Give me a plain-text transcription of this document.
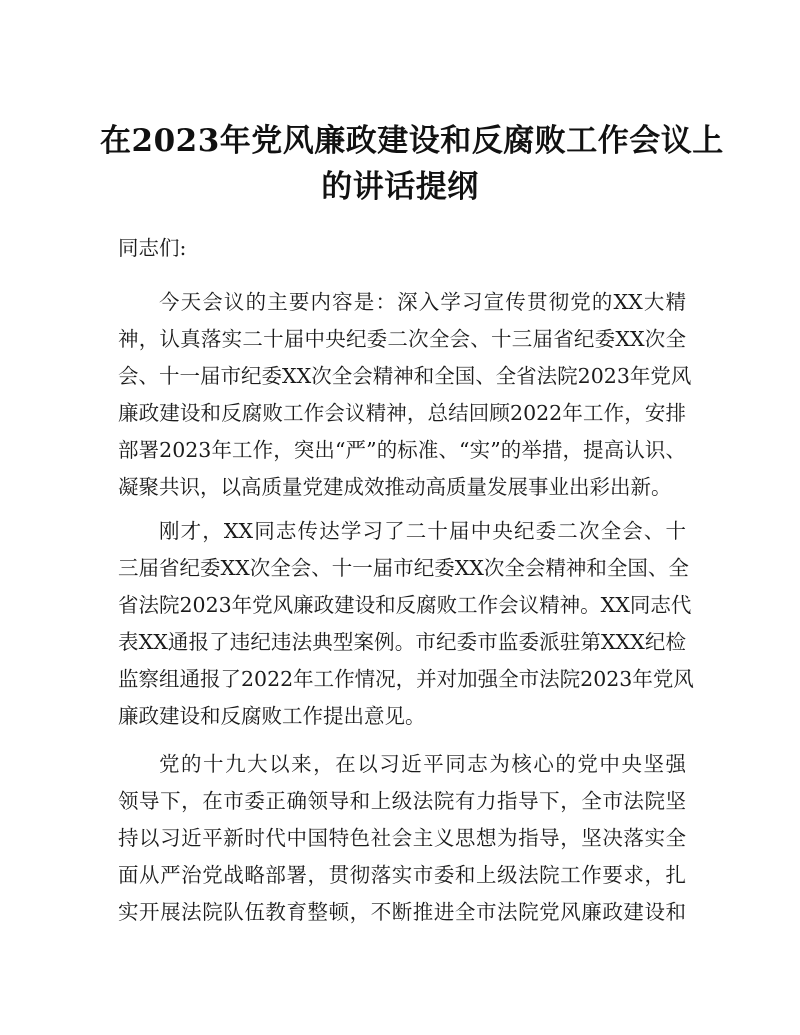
在2023年党风廉政建设和反腐败工作会议上
的讲话提纲

同志们:

今天会议的主要内容是：深入学习宣传贯彻党的XX大精
神，认真落实二十届中央纪委二次全会、十三届省纪委XX次全
会、十一届市纪委XX次全会精神和全国、全省法院2023年党风
廉政建设和反腐败工作会议精神，总结回顾2022年工作，安排
部署2023年工作，突出“严”的标准、“实”的举措，提高认识、
凝聚共识，以高质量党建成效推动高质量发展事业出彩出新。
刚才，XX同志传达学习了二十届中央纪委二次全会、十
三届省纪委XX次全会、十一届市纪委XX次全会精神和全国、全
省法院2023年党风廉政建设和反腐败工作会议精神。XX同志代
表XX通报了违纪违法典型案例。市纪委市监委派驻第XXX纪检
监察组通报了2022年工作情况，并对加强全市法院2023年党风
廉政建设和反腐败工作提出意见。
党的十九大以来，在以习近平同志为核心的党中央坚强
领导下，在市委正确领导和上级法院有力指导下，全市法院坚
持以习近平新时代中国特色社会主义思想为指导，坚决落实全
面从严治党战略部署，贯彻落实市委和上级法院工作要求，扎
实开展法院队伍教育整顿，不断推进全市法院党风廉政建设和
